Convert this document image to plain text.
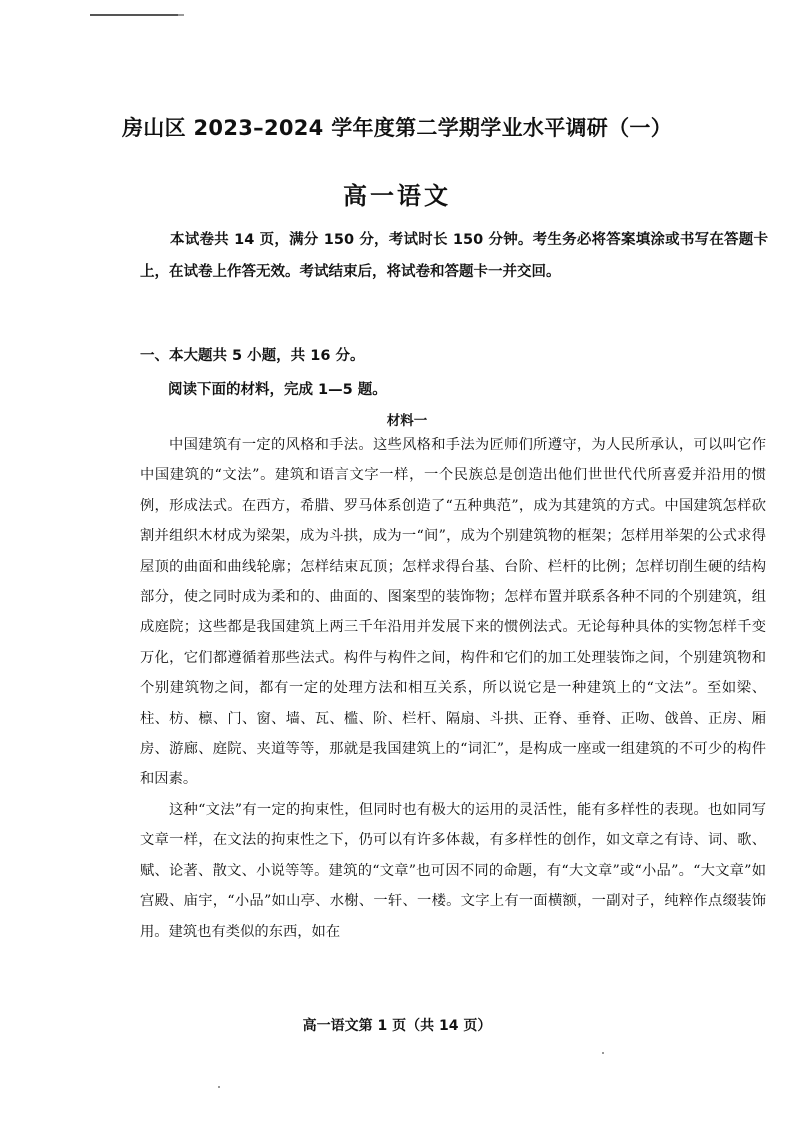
房山区 2023–2024 学年度第二学期学业水平调研（一）
高一语文
本试卷共 14 页，满分 150 分，考试时长 150 分钟。考生务必将答案填涂或书写在答题卡上，在试卷上作答无效。考试结束后，将试卷和答题卡一并交回。
一、本大题共 5 小题，共 16 分。
阅读下面的材料，完成 1—5 题。
材料一

中国建筑有一定的风格和手法。这些风格和手法为匠师们所遵守，为人民所承认，可以叫它作中国建筑的“文法”。建筑和语言文字一样，一个民族总是创造出他们世世代代所喜爱并沿用的惯例，形成法式。在西方，希腊、罗马体系创造了“五种典范”，成为其建筑的方式。中国建筑怎样砍割并组织木材成为梁架，成为斗拱，成为一“间”，成为个别建筑物的框架；怎样用举架的公式求得屋顶的曲面和曲线轮廓；怎样结束瓦顶；怎样求得台基、台阶、栏杆的比例；怎样切削生硬的结构部分，使之同时成为柔和的、曲面的、图案型的装饰物；怎样布置并联系各种不同的个别建筑，组成庭院；这些都是我国建筑上两三千年沿用并发展下来的惯例法式。无论每种具体的实物怎样千变万化，它们都遵循着那些法式。构件与构件之间，构件和它们的加工处理装饰之间，个别建筑物和个别建筑物之间，都有一定的处理方法和相互关系，所以说它是一种建筑上的“文法”。至如梁、柱、枋、檩、门、窗、墙、瓦、槛、阶、栏杆、隔扇、斗拱、正脊、垂脊、正吻、戗兽、正房、厢房、游廊、庭院、夹道等等，那就是我国建筑上的“词汇”，是构成一座或一组建筑的不可少的构件和因素。

这种“文法”有一定的拘束性，但同时也有极大的运用的灵活性，能有多样性的表现。也如同写文章一样，在文法的拘束性之下，仍可以有许多体裁，有多样性的创作，如文章之有诗、词、歌、赋、论著、散文、小说等等。建筑的“文章”也可因不同的命题，有“大文章”或“小品”。“大文章”如宫殿、庙宇，“小品”如山亭、水榭、一轩、一楼。文字上有一面横额，一副对子，纯粹作点缀装饰用。建筑也有类似的东西，如在

高一语文第 1 页（共 14 页）
